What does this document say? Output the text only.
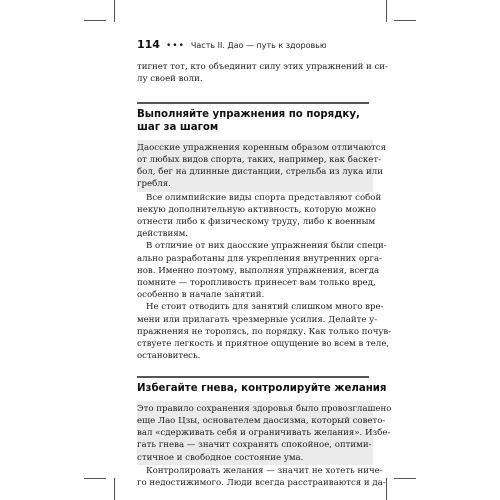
114 ••• Часть II. Дао — путь к здоровью

тигнет тот, кто объединит силу этих упражнений и си-
лу своей воли.

Выполняйте упражнения по порядку,
шаг за шагом

Даосские упражнения коренным образом отличаются
от любых видов спорта, таких, например, как баскет-
бол, бег на длинные дистанции, стрельба из лука или
гребля.

Все олимпийские виды спорта представляют собой
некую дополнительную активность, которую можно
отнести либо к физическому труду, либо к военным
действиям.

В отличие от них даосские упражнения были специ-
ально разработаны для укрепления внутренних орга-
нов. Именно поэтому, выполняя упражнения, всегда
помните — торопливость принесет вам только вред,
особенно в начале занятий.

Не стоит отводить для занятий слишком много вре-
мени или прилагать чрезмерные усилия. Делайте у-
пражнения не торопясь, по порядку. Как только почув-
ствуете легкость и приятное ощущение во всем в теле,
остановитесь.

Избегайте гнева, контролируйте желания

Это правило сохранения здоровья было провозглашено
еще Лао Цзы, основателем даосизма, который совето-
вал «сдерживать себя и ограничивать желания». Избе-
гать гнева — значит сохранять спокойное, оптими-
стичное и свободное состояние ума.

Контролировать желания — значит не хотеть ниче-
го недостижимого. Люди всегда расстраиваются и да-
